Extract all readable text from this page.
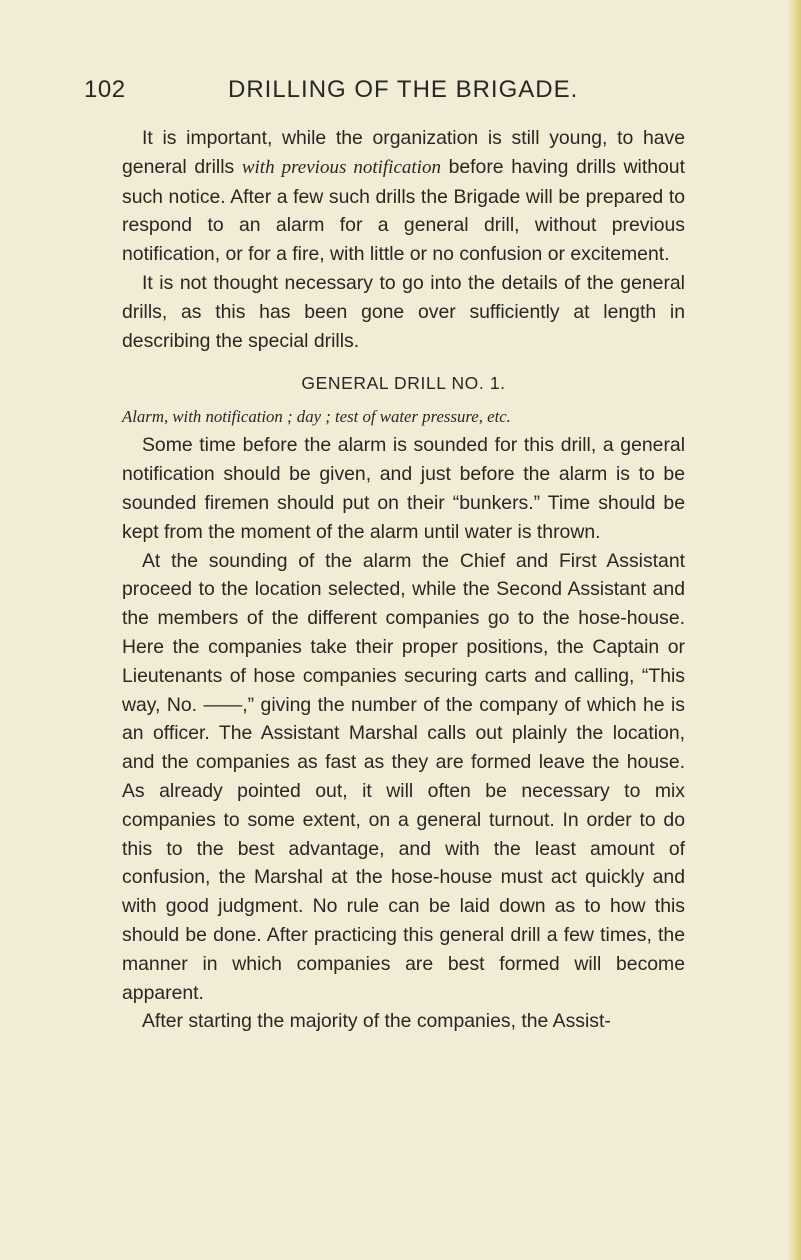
102	DRILLING OF THE BRIGADE.

It is important, while the organization is still young, to have general drills with previous notification before having drills without such notice. After a few such drills the Brigade will be prepared to respond to an alarm for a general drill, without previous notification, or for a fire, with little or no confusion or excitement.

It is not thought necessary to go into the details of the general drills, as this has been gone over sufficiently at length in describing the special drills.

GENERAL DRILL NO. 1.
Alarm, with notification ; day ; test of water pressure, etc.

Some time before the alarm is sounded for this drill, a general notification should be given, and just before the alarm is to be sounded firemen should put on their “bunkers.” Time should be kept from the moment of the alarm until water is thrown.

At the sounding of the alarm the Chief and First Assistant proceed to the location selected, while the Second Assistant and the members of the different companies go to the hose-house. Here the companies take their proper positions, the Captain or Lieutenants of hose companies securing carts and calling, “This way, No. ——,” giving the number of the company of which he is an officer. The Assistant Marshal calls out plainly the location, and the companies as fast as they are formed leave the house. As already pointed out, it will often be necessary to mix companies to some extent, on a general turnout. In order to do this to the best advantage, and with the least amount of confusion, the Marshal at the hose-house must act quickly and with good judgment. No rule can be laid down as to how this should be done. After practicing this general drill a few times, the manner in which companies are best formed will become apparent.

After starting the majority of the companies, the Assist-
